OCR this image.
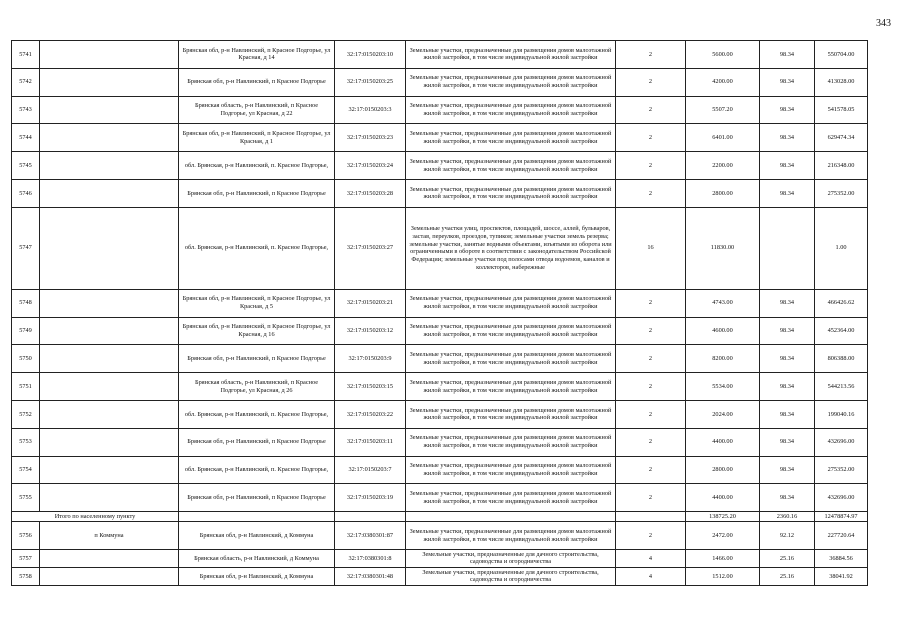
343
5741		Брянская обл, р-н Навлинский, п Красное Подгорье, ул Красная, д 14	32:17:0150203:10	Земельные участки, предназначенные для размещения домов малоэтажной жилой застройки, в том числе индивидуальной жилой застройки	2	5600.00	98.34	550704.00
5742		Брянская обл, р-н Навлинский, п Красное Подгорье	32:17:0150203:25	Земельные участки, предназначенные для размещения домов малоэтажной жилой застройки, в том числе индивидуальной жилой застройки	2	4200.00	98.34	413028.00
5743		Брянская область, р-н Навлинский, п Красное Подгорье, ул Красная, д 22	32:17:0150203:3	Земельные участки, предназначенные для размещения домов малоэтажной жилой застройки, в том числе индивидуальной жилой застройки	2	5507.20	98.34	541578.05
5744		Брянская обл, р-н Навлинский, п Красное Подгорье, ул Красная, д 1	32:17:0150203:23	Земельные участки, предназначенные для размещения домов малоэтажной жилой застройки, в том числе индивидуальной жилой застройки	2	6401.00	98.34	629474.34
5745		обл. Брянская, р-н Навлинский, п. Красное Подгорье,	32:17:0150203:24	Земельные участки, предназначенные для размещения домов малоэтажной жилой застройки, в том числе индивидуальной жилой застройки	2	2200.00	98.34	216348.00
5746		Брянская обл, р-н Навлинский, п Красное Подгорье	32:17:0150203:28	Земельные участки, предназначенные для размещения домов малоэтажной жилой застройки, в том числе индивидуальной жилой застройки	2	2800.00	98.34	275352.00
5747		обл. Брянская, р-н Навлинский, п. Красное Подгорье,	32:17:0150203:27	Земельные участки улиц, проспектов, площадей, шоссе, аллей, бульваров, застав, переулков, проездов, тупиков; земельные участки земель резерва; земельные участки, занятые водными объектами, изъятыми из оборота или ограниченными в обороте в соответствии с законодательством Российской Федерации; земельные участки под полосами отвода водоемов, каналов и коллекторов, набережные	16	11830.00		1.00
5748		Брянская обл, р-н Навлинский, п Красное Подгорье, ул Красная, д 5	32:17:0150203:21	Земельные участки, предназначенные для размещения домов малоэтажной жилой застройки, в том числе индивидуальной жилой застройки	2	4743.00	98.34	466426.62
5749		Брянская обл, р-н Навлинский, п Красное Подгорье, ул Красная, д 16	32:17:0150203:12	Земельные участки, предназначенные для размещения домов малоэтажной жилой застройки, в том числе индивидуальной жилой застройки	2	4600.00	98.34	452364.00
5750		Брянская обл, р-н Навлинский, п Красное Подгорье	32:17:0150203:9	Земельные участки, предназначенные для размещения домов малоэтажной жилой застройки, в том числе индивидуальной жилой застройки	2	8200.00	98.34	806388.00
5751		Брянская область, р-н Навлинский, п Красное Подгорье, ул Красная, д 26	32:17:0150203:15	Земельные участки, предназначенные для размещения домов малоэтажной жилой застройки, в том числе индивидуальной жилой застройки	2	5534.00	98.34	544213.56
5752		обл. Брянская, р-н Навлинский, п. Красное Подгорье,	32:17:0150203:22	Земельные участки, предназначенные для размещения домов малоэтажной жилой застройки, в том числе индивидуальной жилой застройки	2	2024.00	98.34	199040.16
5753		Брянская обл, р-н Навлинский, п Красное Подгорье	32:17:0150203:11	Земельные участки, предназначенные для размещения домов малоэтажной жилой застройки, в том числе индивидуальной жилой застройки	2	4400.00	98.34	432696.00
5754		обл. Брянская, р-н Навлинский, п. Красное Подгорье,	32:17:0150203:7	Земельные участки, предназначенные для размещения домов малоэтажной жилой застройки, в том числе индивидуальной жилой застройки	2	2800.00	98.34	275352.00
5755		Брянская обл, р-н Навлинский, п Красное Подгорье	32:17:0150203:19	Земельные участки, предназначенные для размещения домов малоэтажной жилой застройки, в том числе индивидуальной жилой застройки	2	4400.00	98.34	432696.00
Итого по населенному пункту						138725.20	2360.16	12478874.97
5756	п Коммуна	Брянская обл, р-н Навлинский, д Коммуна	32:17:0380301:87	Земельные участки, предназначенные для размещения домов малоэтажной жилой застройки, в том числе индивидуальной жилой застройки	2	2472.00	92.12	227720.64
5757		Брянская область, р-н Навлинский, д Коммуна	32:17:0380301:8	Земельные участки, предназначенные для дачного строительства, садоводства и огородничества	4	1466.00	25.16	36884.56
5758		Брянская обл, р-н Навлинский, д Коммуна	32:17:0380301:48	Земельные участки, предназначенные для дачного строительства, садоводства и огородничества	4	1512.00	25.16	38041.92
